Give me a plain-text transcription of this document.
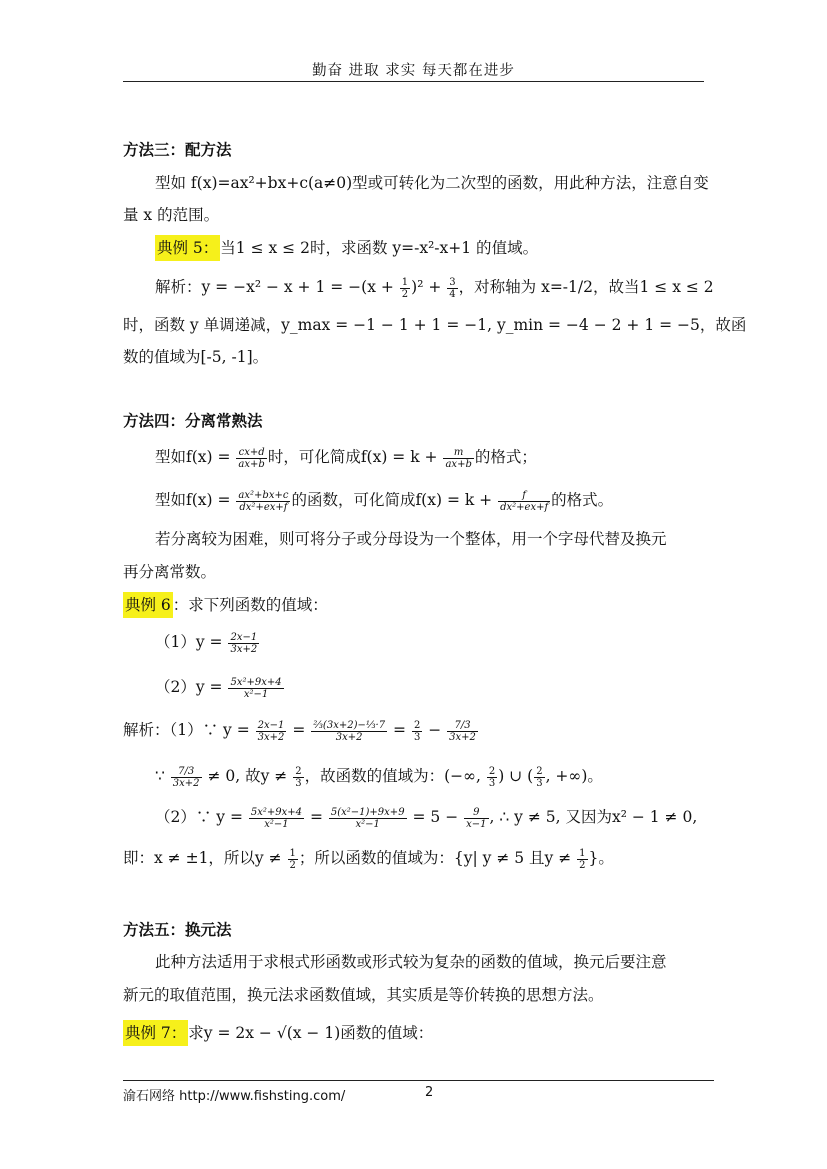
勤奋 进取 求实 每天都在进步
方法三：配方法
型如 f(x)=ax²+bx+c(a≠0)型或可转化为二次型的函数，用此种方法，注意自变
量 x 的范围。
典例 5： 当1 ≤ x ≤ 2时，求函数 y=-x²-x+1 的值域。
解析：$y = -x^2 - x + 1 = -(x + \frac{1}{2} )^2 + \frac{3}{4}$ ，对称轴为 x=-1/2，故当1 ≤ x ≤ 2
时，函数 y 单调递减，y_max = −1 − 1 + 1 = −1, y_min = −4 − 2 + 1 = −5，故函
数的值域为[-5, -1]。
方法四：分离常熟法
型如$f(x) = \frac{cx+d}{ax+b}$ 时，可化简成$f(x) = k + \frac{m}{ax+b}$ 的格式；
型如$f(x) = \frac{\text{ax²+bx+c}}{\text{dx²+ex+f}}$ 的函数，可化简成$f(x) = k + \frac{f}{\text{dx²+ex+f}}$ 的格式。
若分离较为困难，则可将分子或分母设为一个整体，用一个字母代替及换元
再分离常数。
典例 6 ：求下列函数的值域：
$(1)y = \frac{2x-1}{3x+2}$
$(2)y = \frac{\text{5x²+9x+4}}{\text{x²−1}}$
解析：（1）∵ $y = \frac{2x-1}{3x+2} = \frac{\text{⅔(3x+2)−⅓·7}}{3x+2} = \frac{2}{3} - \frac{7/3}{3x+2}$
∵ $\frac{7/3}{3x+2} \ne 0$, 故$y \ne \frac{2}{3}$ ，故函数的值域为：(−∞, $\frac{2}{3}$ ) ∪ ( $\frac{2}{3}$ , +∞)。
（2）∵ $y = \frac{\text{5x²+9x+4}}{\text{x²−1}} = \frac{\text{5(x²−1)+9x+9}}{\text{x²−1}} = 5 - \frac{9}{x-1}$ , ∴ y ≠ 5, 又因为x² − 1 ≠ 0,
即：x ≠ ±1，所以$y \ne \frac{1}{2}$ ；所以函数的值域为：{y| y ≠ 5 且$y \ne \frac{1}{2}$ }。
方法五：换元法
此种方法适用于求根式形函数或形式较为复杂的函数的值域，换元后要注意
新元的取值范围，换元法求函数值域，其实质是等价转换的思想方法。
典例 7： 求y = 2x − √(x − 1)函数的值域：
渝石网络 http://www.fishsting.com/	2
